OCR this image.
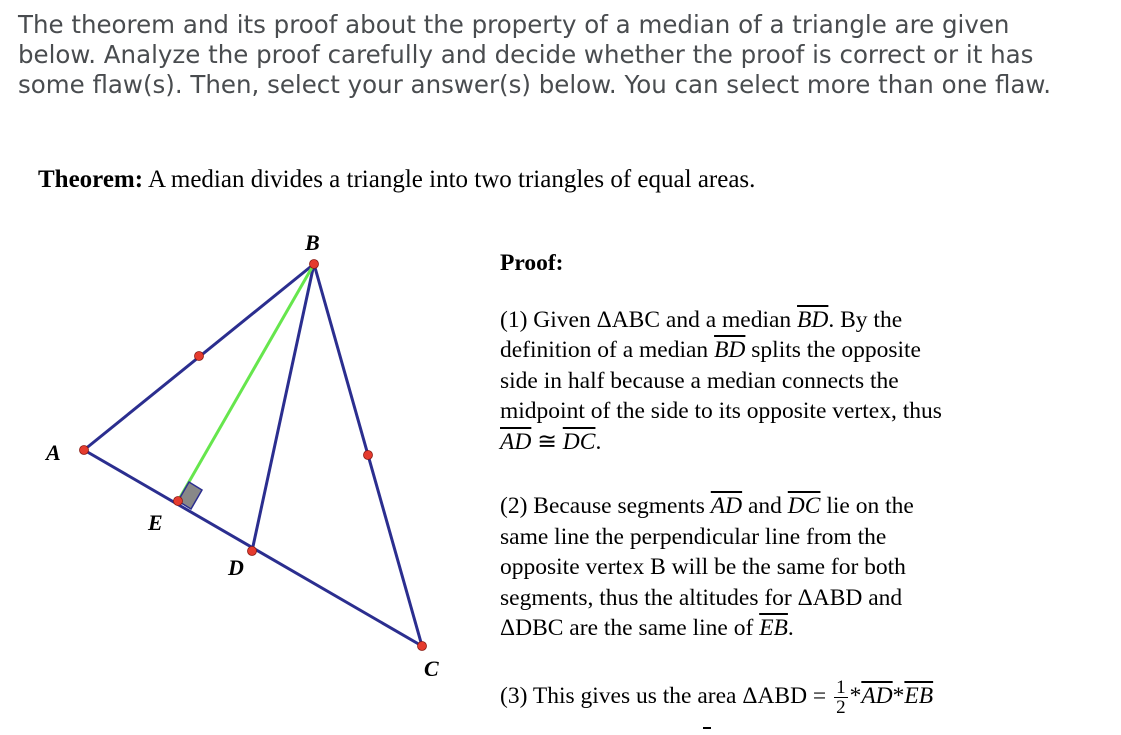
The theorem and its proof about the property of a median of a triangle are given

below. Analyze the proof carefully and decide whether the proof is correct or it has

some flaw(s). Then, select your answer(s) below. You can select more than one flaw.

Theorem: A median divides a triangle into two triangles of equal areas.
A
B
C
D
E
Proof:
(1) Given ΔABC and a median $\overline{BD}$. By the
definition of a median $\overline{BD}$ splits the opposite
side in half because a median connects the
midpoint of the side to its opposite vertex, thus
$\overline{AD}$ ≅ $\overline{DC}$.
(2) Because segments $\overline{AD}$ and $\overline{DC}$ lie on the
same line the perpendicular line from the
opposite vertex B will be the same for both
segments, thus the altitudes for ΔABD and
ΔDBC are the same line of $\overline{EB}$.
(3) This gives us the area $\Delta ABD = \frac{1}{2} *\overline{AD}*\overline{EB}$
